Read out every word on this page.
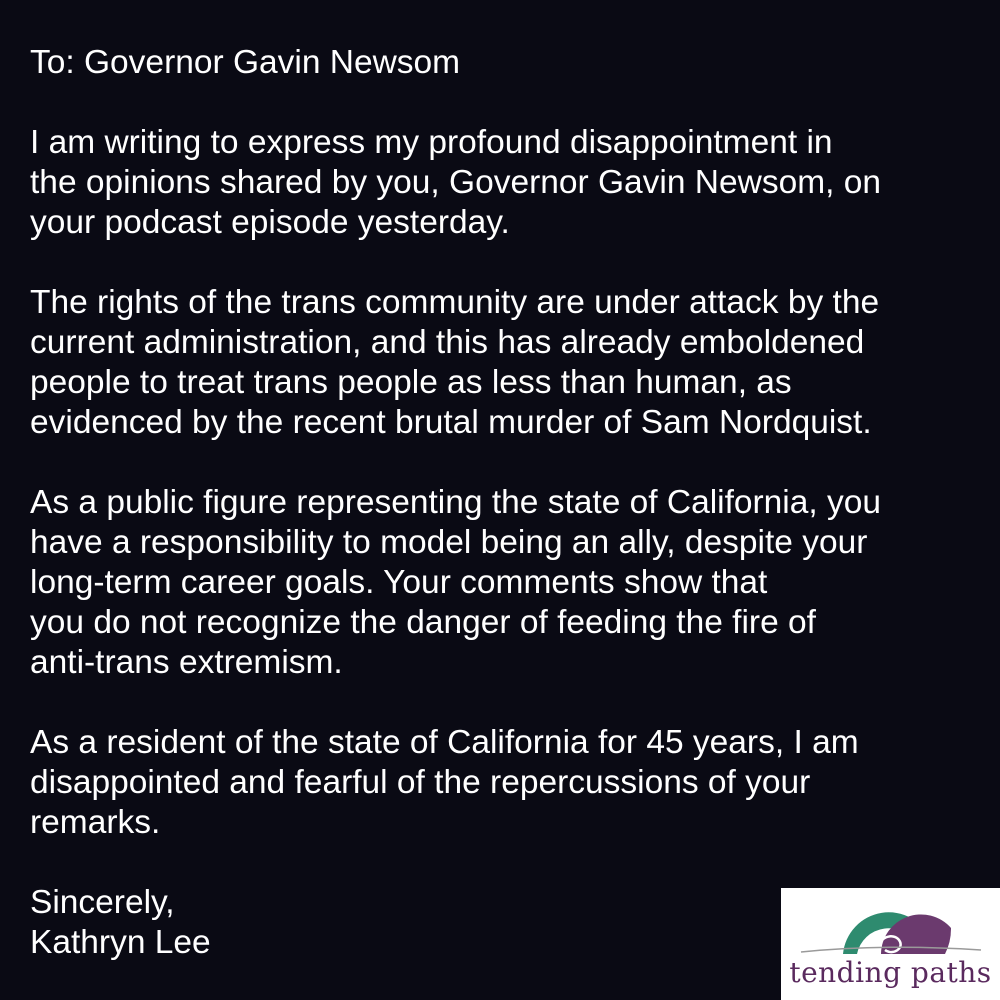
To: Governor Gavin Newsom

I am writing to express my profound disappointment in

the opinions shared by you, Governor Gavin Newsom, on

your podcast episode yesterday.

The rights of the trans community are under attack by the

current administration, and this has already emboldened

people to treat trans people as less than human, as

evidenced by the recent brutal murder of Sam Nordquist.

As a public figure representing the state of California, you

have a responsibility to model being an ally, despite your

long-term career goals. Your comments show that

you do not recognize the danger of feeding the fire of

anti-trans extremism.

As a resident of the state of California for 45 years, I am

disappointed and fearful of the repercussions of your

remarks.

Sincerely,

Kathryn Lee

tending paths
